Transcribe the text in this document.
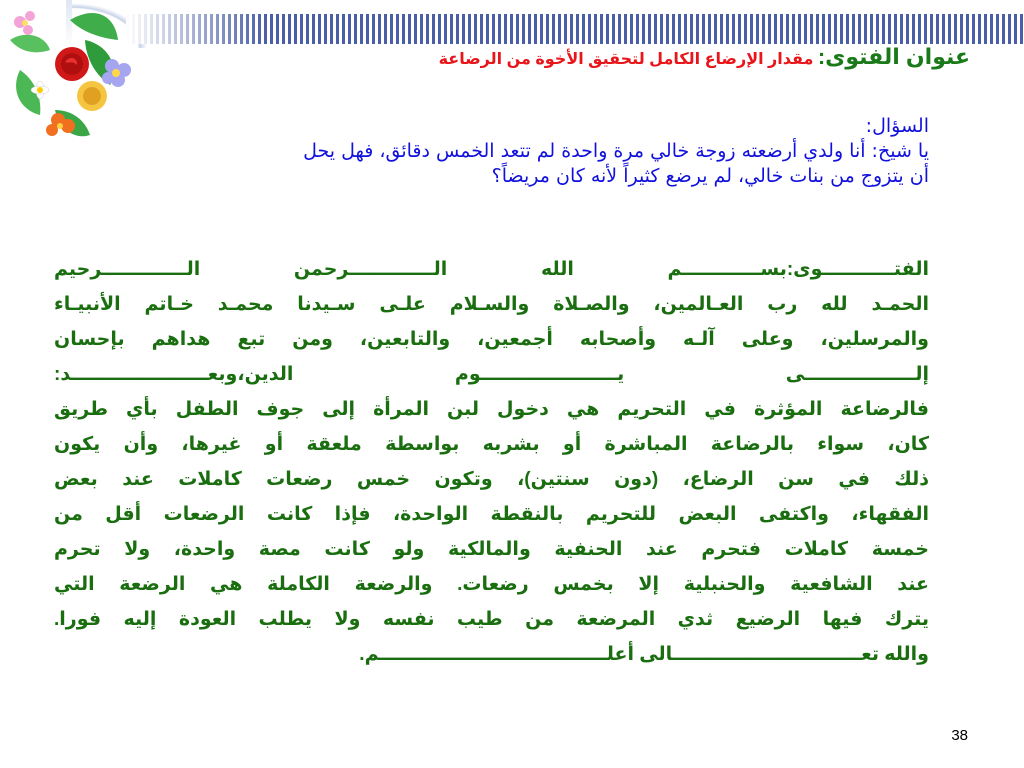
عنوان الفتوى: مقدار الإرضاع الكامل لتحقيق الأخوة من الرضاعة
السؤال:
يا شيخ: أنا ولدي أرضعته زوجة خالي مرة واحدة لم تتعد الخمس دقائق، فهل يحل
أن يتزوج من بنات خالي، لم يرضع كثيراً لأنه كان مريضاً؟
الفتـــــــــــوى:بســــــــــــم الله الـــــــــــــرحمن الـــــــــــــرحيم
الحمـد لله رب العـالمين، والصـلاة والسـلام علـى سـيدنا محمـد خـاتم الأنبيـاء
والمرسلين، وعلى آلـه وأصحابه أجمعين، والتابعين، ومن تبع هداهم بإحسان
إلـــــــــــــــــى يـــــــــــــــــــــوم الدين،وبعـــــــــــــــــــــد:
فالرضاعة المؤثرة في التحريم هي دخول لبن المرأة إلى جوف الطفل بأي طريق
كان، سواء بالرضاعة المباشرة أو بشربه بواسطة ملعقة أو غيرها، وأن يكون
ذلك في سن الرضاع، (دون سنتين)، وتكون خمس رضعات كاملات عند بعض
الفقهاء، واكتفى البعض للتحريم بالنقطة الواحدة، فإذا كانت الرضعات أقل من
خمسة كاملات فتحرم عند الحنفية والمالكية ولو كانت مصة واحدة، ولا تحرم
عند الشافعية والحنبلية إلا بخمس رضعات. والرضعة الكاملة هي الرضعة التي
يترك فيها الرضيع ثدي المرضعة من طيب نفسه ولا يطلب العودة إليه فورا.
والله تعـــــــــــــــــــــــــــــالى أعلـــــــــــــــــــــــــــــــــــم.
38
